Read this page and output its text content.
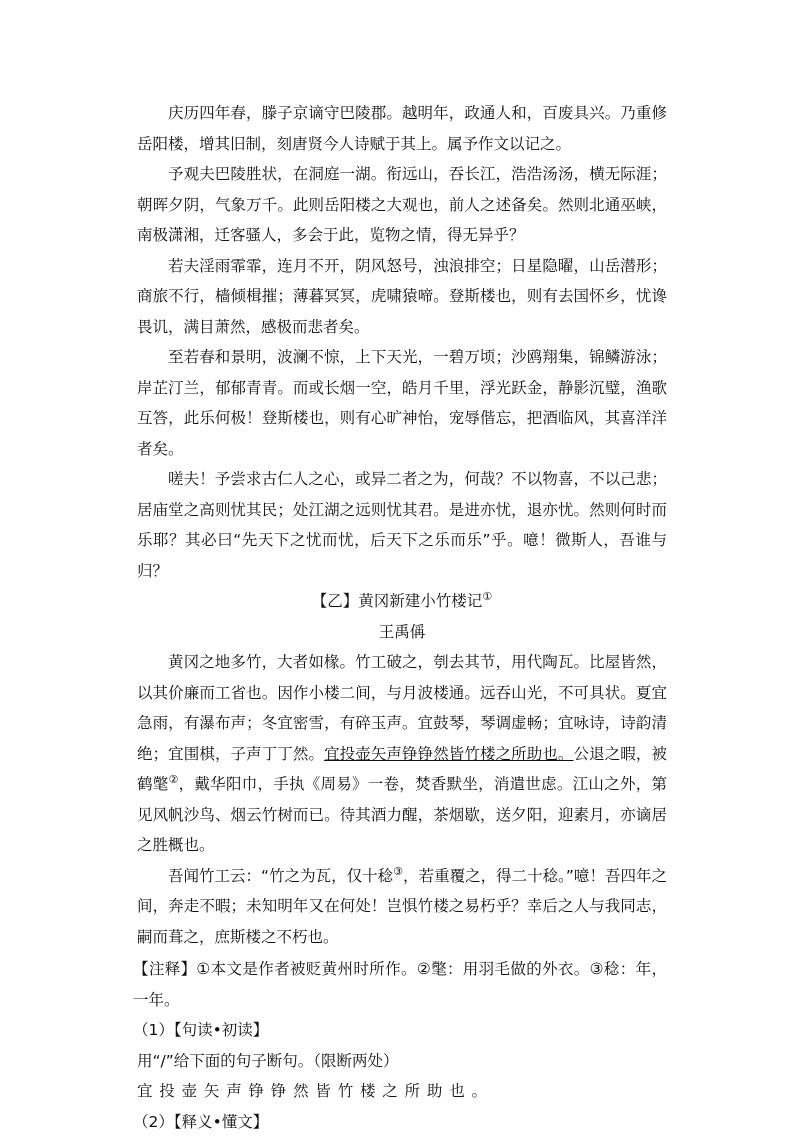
庆历四年春，滕子京谪守巴陵郡。越明年，政通人和，百废具兴。乃重修岳阳楼，增其旧制，刻唐贤今人诗赋于其上。属予作文以记之。

予观夫巴陵胜状，在洞庭一湖。衔远山，吞长江，浩浩汤汤，横无际涯；朝晖夕阴，气象万千。此则岳阳楼之大观也，前人之述备矣。然则北通巫峡，南极潇湘，迁客骚人，多会于此，览物之情，得无异乎？

若夫淫雨霏霏，连月不开，阴风怒号，浊浪排空；日星隐曜，山岳潜形；商旅不行，樯倾楫摧；薄暮冥冥，虎啸猿啼。登斯楼也，则有去国怀乡，忧谗畏讥，满目萧然，感极而悲者矣。

至若春和景明，波澜不惊，上下天光，一碧万顷；沙鸥翔集，锦鳞游泳；岸芷汀兰，郁郁青青。而或长烟一空，皓月千里，浮光跃金，静影沉璧，渔歌互答，此乐何极！登斯楼也，则有心旷神怡，宠辱偕忘，把酒临风，其喜洋洋者矣。

嗟夫！予尝求古仁人之心，或异二者之为，何哉？不以物喜，不以己悲；居庙堂之高则忧其民；处江湖之远则忧其君。是进亦忧，退亦忧。然则何时而乐耶？其必曰“先天下之忧而忧，后天下之乐而乐”乎。噫！微斯人，吾谁与归？

【乙】黄冈新建小竹楼记①

王禹偁

黄冈之地多竹，大者如椽。竹工破之，刳去其节，用代陶瓦。比屋皆然，以其价廉而工省也。因作小楼二间，与月波楼通。远吞山光，不可具状。夏宜急雨，有瀑布声；冬宜密雪，有碎玉声。宜鼓琴，琴调虚畅；宜咏诗，诗韵清绝；宜围棋，子声丁丁然。宜投壶矢声铮铮然皆竹楼之所助也。公退之暇，被鹤氅②，戴华阳巾，手执《周易》一卷，焚香默坐，消遣世虑。江山之外，第见风帆沙鸟、烟云竹树而已。待其酒力醒，茶烟歇，送夕阳，迎素月，亦谪居之胜概也。

吾闻竹工云：“竹之为瓦，仅十稔③，若重覆之，得二十稔。”噫！吾四年之间，奔走不暇；未知明年又在何处！岂惧竹楼之易朽乎？幸后之人与我同志，嗣而葺之，庶斯楼之不朽也。

【注释】①本文是作者被贬黄州时所作。②氅：用羽毛做的外衣。③稔：年，一年。

（1）【句读•初读】

用“/”给下面的句子断句。（限断两处）

宜投壶矢声铮铮然皆竹楼之所助也。

（2）【释义•懂文】
